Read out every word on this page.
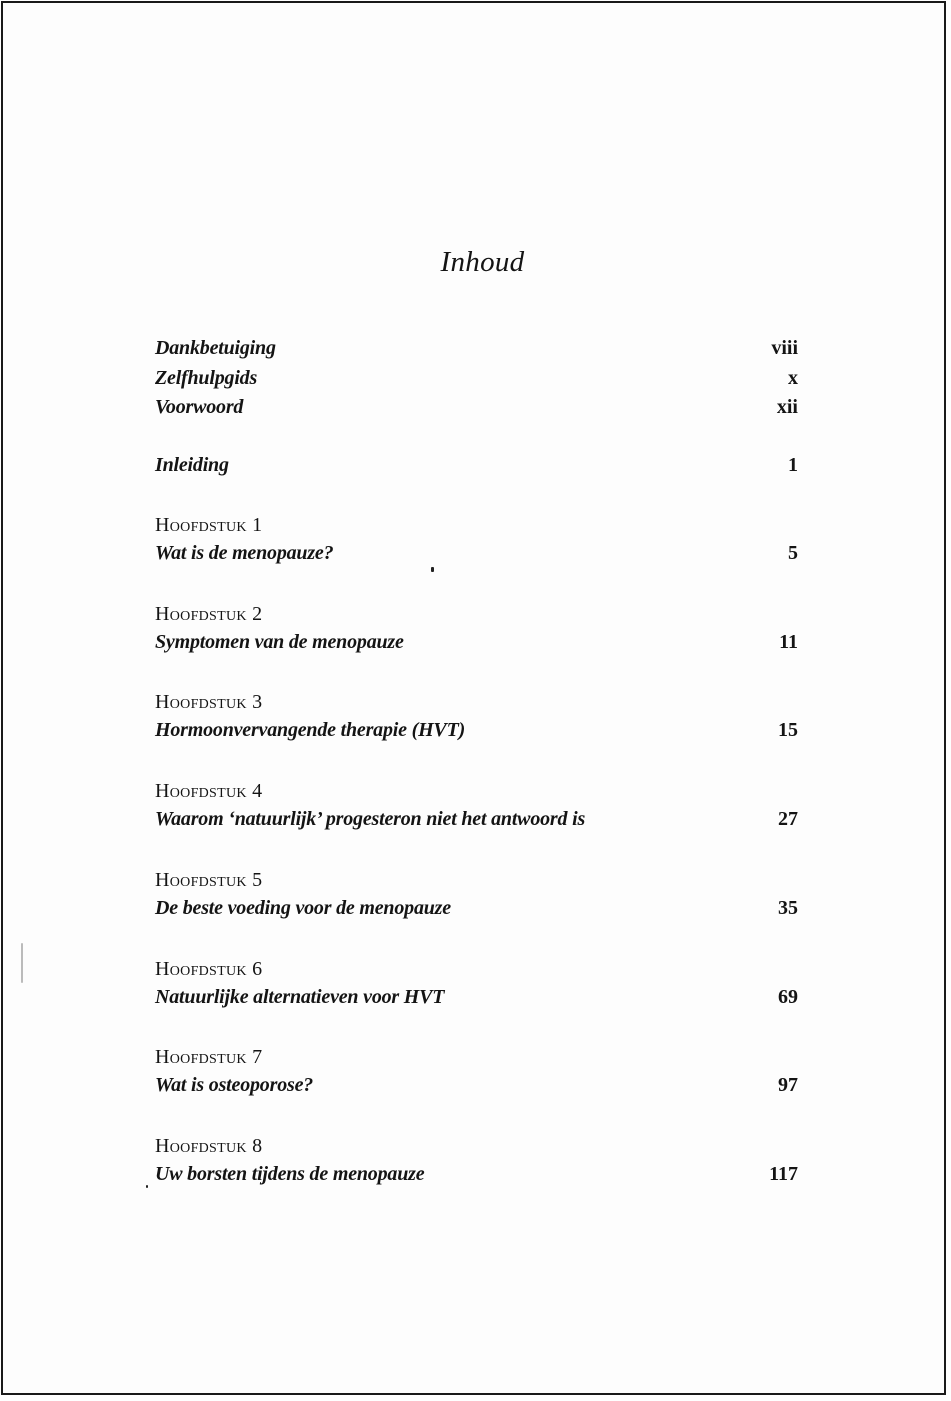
Inhoud
Dankbetuiging	viii
Zelfhulpgids	x
Voorwoord	xii
Inleiding	1
Hoofdstuk 1
Wat is de menopauze?	5
Hoofdstuk 2
Symptomen van de menopauze	11
Hoofdstuk 3
Hormoonvervangende therapie (HVT)	15
Hoofdstuk 4
Waarom ‘natuurlijk’ progesteron niet het antwoord is	27
Hoofdstuk 5
De beste voeding voor de menopauze	35
Hoofdstuk 6
Natuurlijke alternatieven voor HVT	69
Hoofdstuk 7
Wat is osteoporose?	97
Hoofdstuk 8
Uw borsten tijdens de menopauze	117
